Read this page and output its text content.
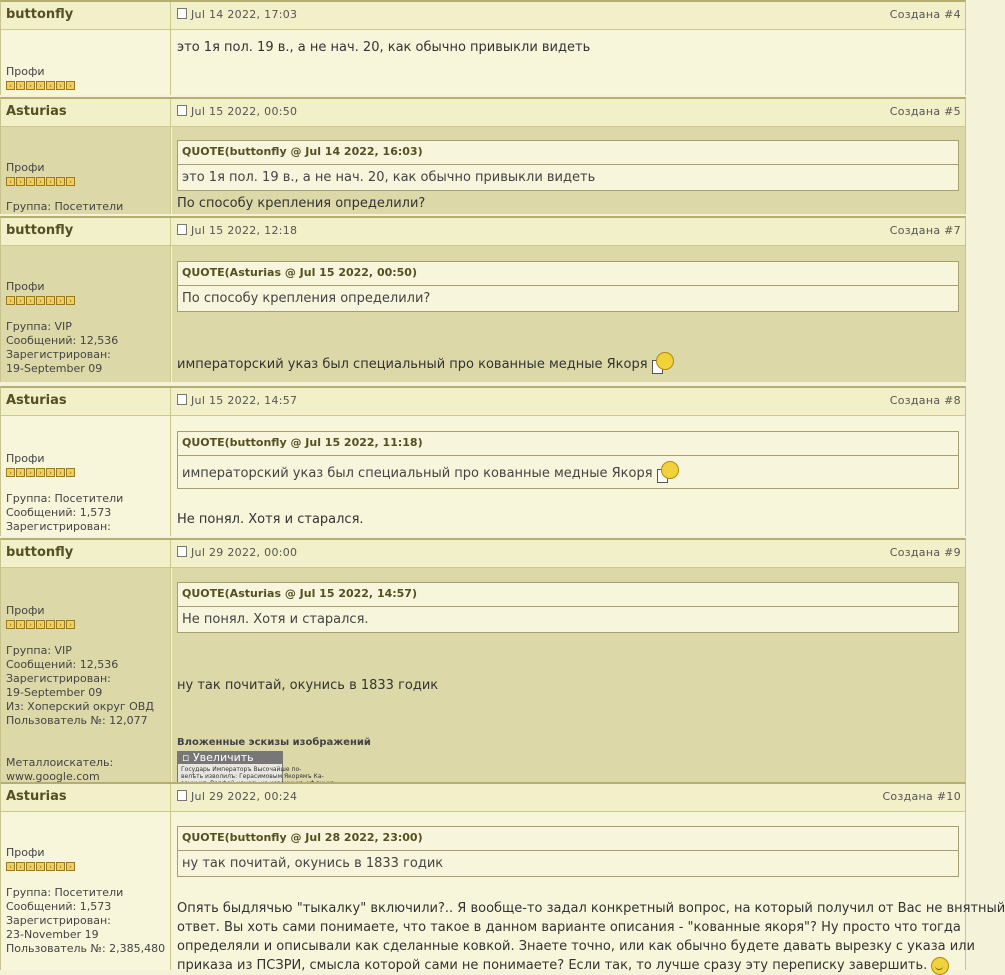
buttonfly	Jul 14 2022, 17:03	Создана #4
Профи
›	›	›	›	›	›	›
это 1я пол. 19 в., а не нач. 20, как обычно привыкли видеть
Asturias	Jul 15 2022, 00:50	Создана #5
Профи
›	›	›	›	›	›	›
Группа: Посетители
QUOTE(buttonfly @ Jul 14 2022, 16:03)
это 1я пол. 19 в., а не нач. 20, как обычно привыкли видеть
По способу крепления определили?
buttonfly	Jul 15 2022, 12:18	Создана #7
Профи
›	›	›	›	›	›	›
Группа: VIP
Сообщений: 12,536
Зарегистрирован:
19-September 09
QUOTE(Asturias @ Jul 15 2022, 00:50)
По способу крепления определили?
императорский указ был специальный про кованные медные Якоря
Asturias	Jul 15 2022, 14:57	Создана #8
Профи
›	›	›	›	›	›	›
Группа: Посетители
Сообщений: 1,573
Зарегистрирован:
QUOTE(buttonfly @ Jul 15 2022, 11:18)
императорский указ был специальный про кованные медные Якоря
Не понял. Хотя и старался.
buttonfly	Jul 29 2022, 00:00	Создана #9
Профи
›	›	›	›	›	›	›
Группа: VIP
Сообщений: 12,536
Зарегистрирован:
19-September 09
Из: Хоперский округ ОВД
Пользователь №: 12,077
Металлоискатель:
www.google.com
QUOTE(Asturias @ Jul 15 2022, 14:57)
Не понял. Хотя и старался.
ну так почитай, окунись в 1833 годик
Вложенные эскизы изображений
▫ Увеличить
Государь Императоръ Высочайше по-
велѣть изволилъ: Герасимовым Якорямъ Ка-
Asturias	Jul 29 2022, 00:24	Создана #10
Профи
›	›	›	›	›	›	›
Группа: Посетители
Сообщений: 1,573
Зарегистрирован:
23-November 19
Пользователь №: 2,385,480
QUOTE(buttonfly @ Jul 28 2022, 23:00)
ну так почитай, окунись в 1833 годик
Опять быдлячью "тыкалку" включили?.. Я вообще-то задал конкретный вопрос, на который получил от Вас не внятный
ответ. Вы хоть сами понимаете, что такое в данном варианте описания - "кованные якоря"? Ну просто что тогда
определяли и описывали как сделанные ковкой. Знаете точно, или как обычно будете давать вырезку с указа или
приказа из ПСЗРИ, смысла которой сами не понимаете? Если так, то лучше сразу эту переписку завершить.
